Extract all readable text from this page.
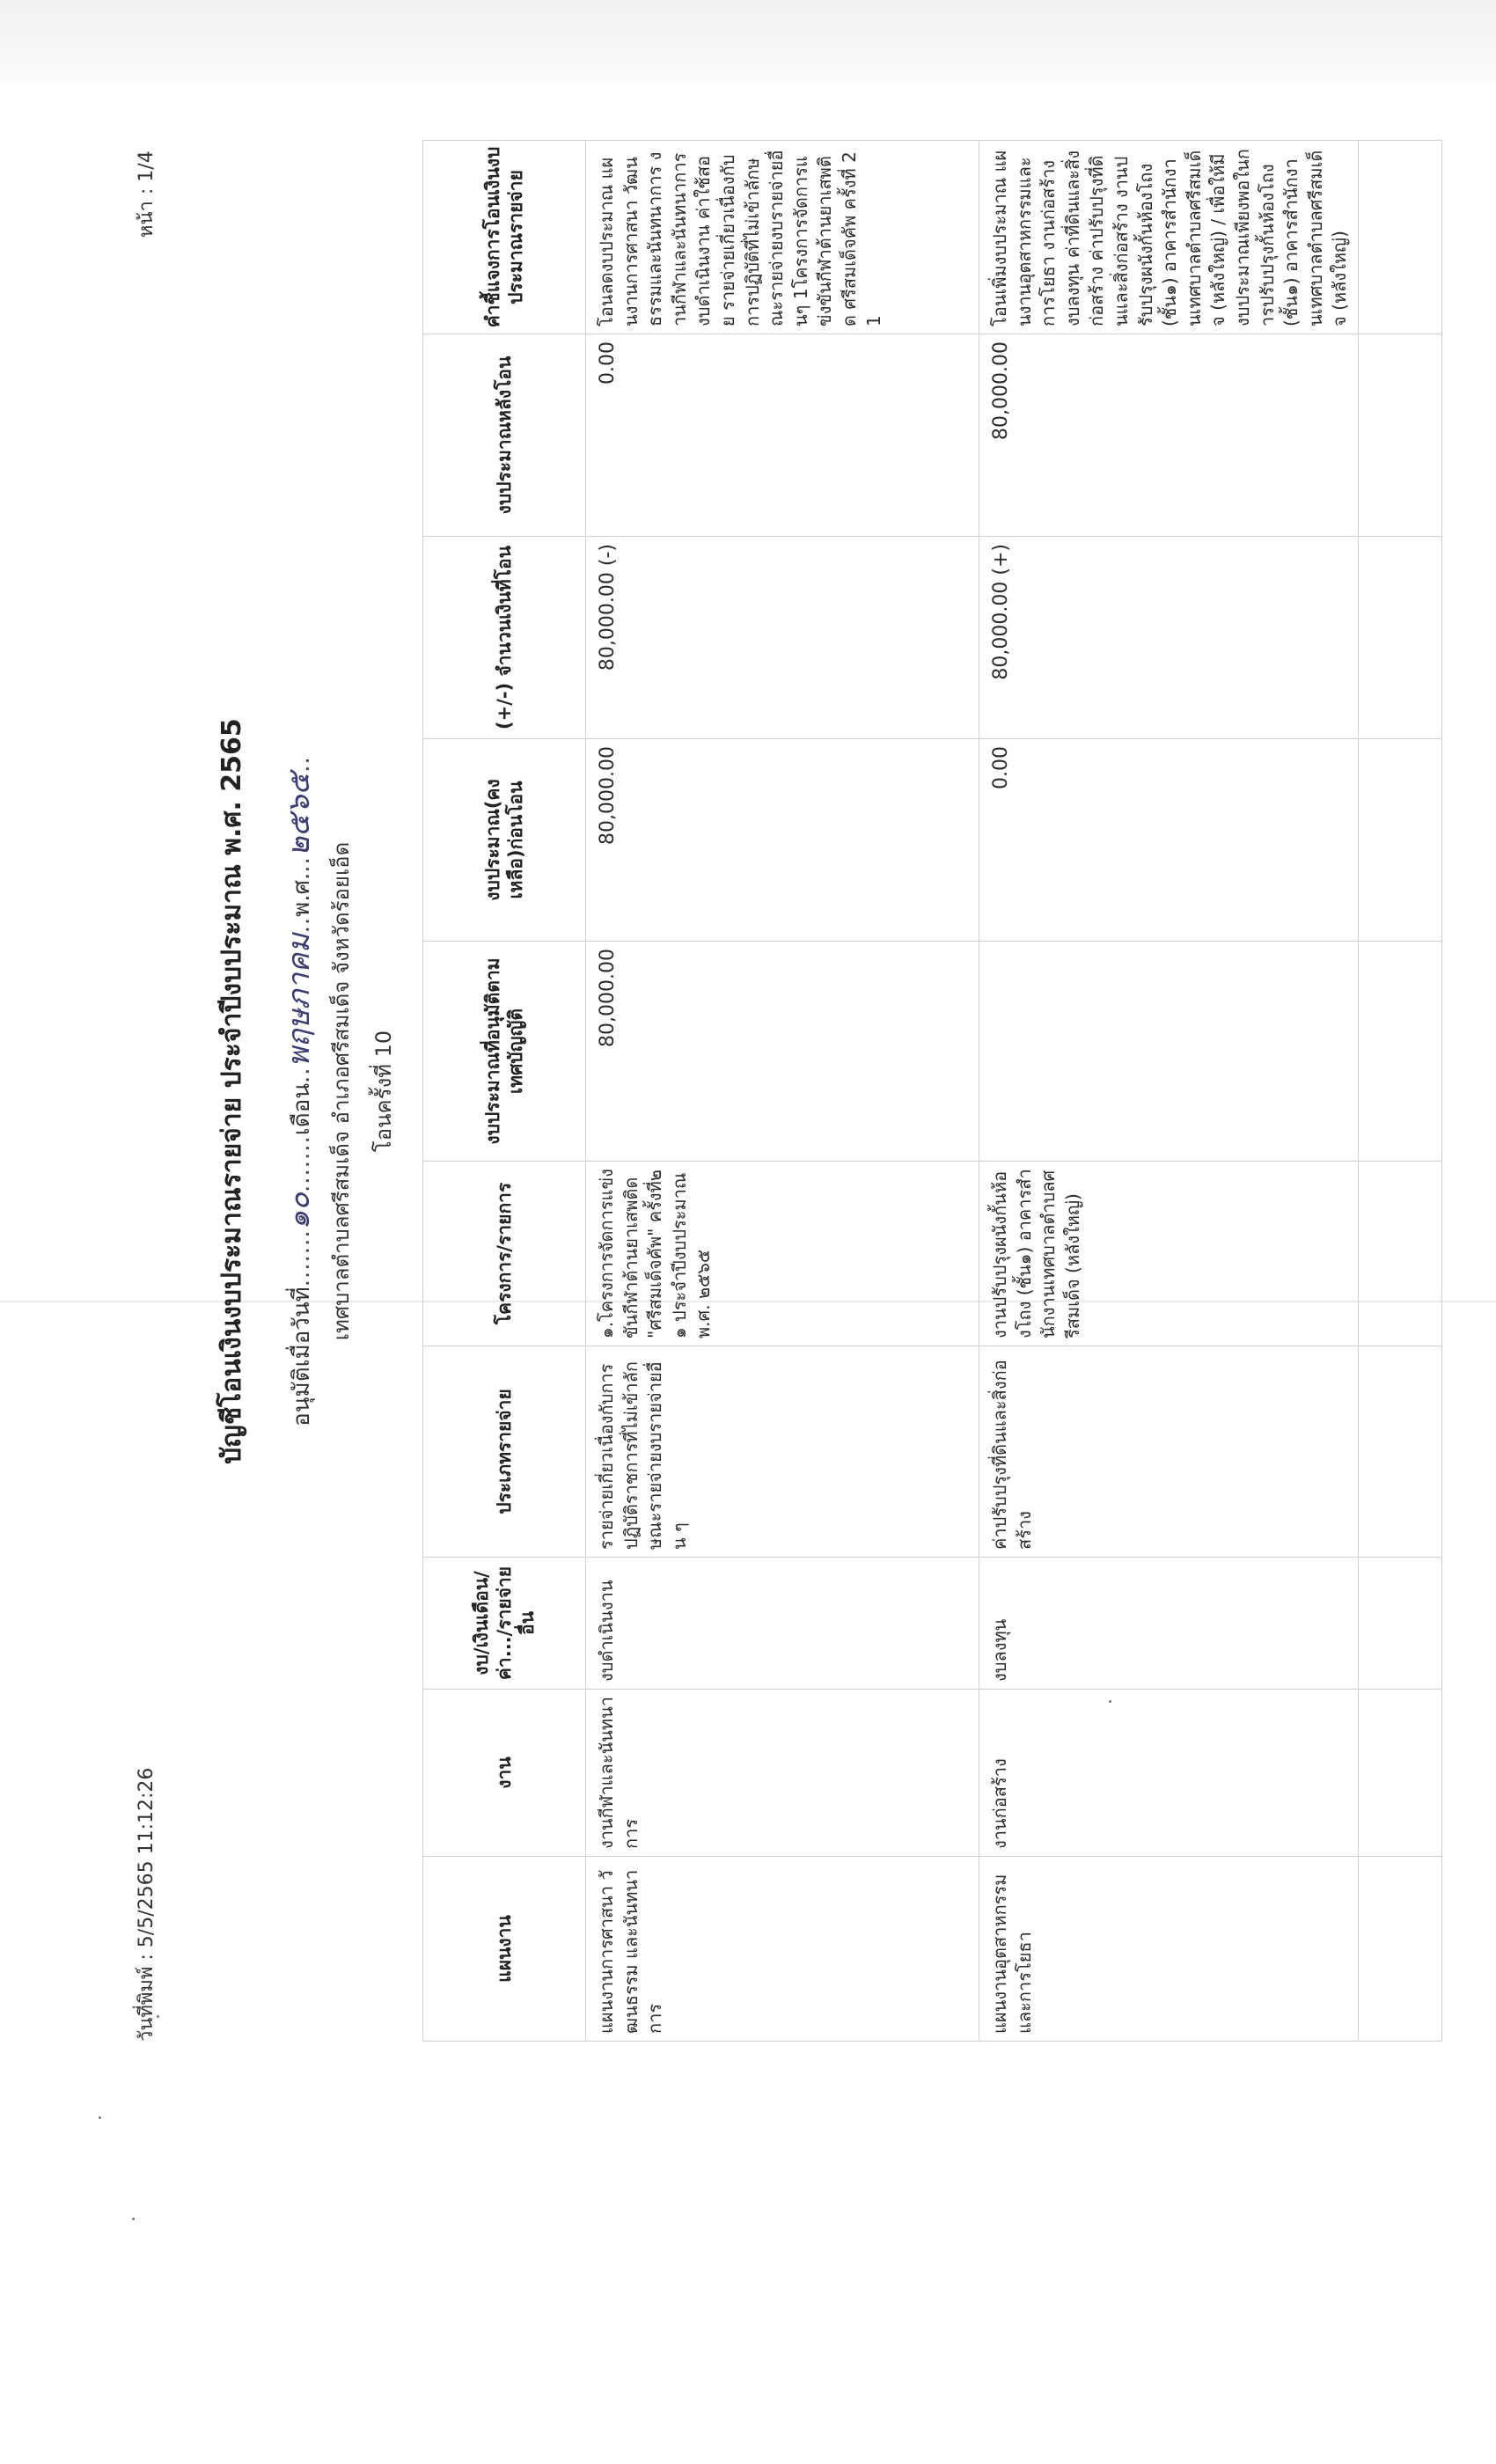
วันที่พิมพ์ : 5/5/2565 11:12:26
หน้า : 1/4
บัญชีโอนเงินงบประมาณรายจ่าย ประจำปีงบประมาณ พ.ศ. 2565	อนุมัติเมื่อวันที่.......๑๐.......เดือน..พฤษภาคม..พ.ศ...๒๕๖๕..
เทศบาลตำบลศรีสมเด็จ อำเภอศรีสมเด็จ จังหวัดร้อยเอ็ด โอนครั้งที่ 10
แผนงาน	งาน	งบ/เงินเดือน/ค่า.../รายจ่ายอื่น	ประเภทรายจ่าย	โครงการ/รายการ	งบประมาณที่อนุมัติตามเทศบัญญัติ	งบประมาณ(คงเหลือ)ก่อนโอน	(+/-) จำนวนเงินที่โอน	งบประมาณหลังโอน	คำชี้แจงการโอนเงินงบประมาณรายจ่าย
แผนงานการศาสนา วัฒนธรรม และนันทนาการ	งานกีฬาและนันทนาการ	งบดำเนินงาน	รายจ่ายเกี่ยวเนื่องกับการปฏิบัติราชการที่ไม่เข้าลักษณะรายจ่ายงบรายจ่ายอื่น ๆ	๑.โครงการจัดการแข่งขันกีฬาต้านยาเสพติด "ศรีสมเด็จคัพ" ครั้งที่๒๑ ประจำปีงบประมาณ พ.ศ. ๒๕๖๕	80,000.00	80,000.00	80,000.00 (-)	0.00	โอนลดงบประมาณ แผนงานการศาสนา วัฒนธรรมและนันทนาการ งานกีฬาและนันทนาการ งบดำเนินงาน ค่าใช้สอย รายจ่ายเกี่ยวเนื่องกับการปฏิบัติที่ไม่เข้าลักษณะรายจ่ายงบรายจ่ายอื่นๆ 1โครงการจัดการแข่งขันกีฬาต้านยาเสพติด ศรีสมเด็จคัพ ครั้งที่ 21
แผนงานอุตสาหกรรมและการโยธา	งานก่อสร้าง	งบลงทุน	ค่าปรับปรุงที่ดินและสิ่งก่อสร้าง	งานปรับปรุงผนังกั้นห้องโถง (ชั้น๑) อาคารสำนักงานเทศบาลตำบลศรีสมเด็จ (หลังใหญ่)		0.00	80,000.00 (+)	80,000.00	โอนเพิ่มงบประมาณ แผนงานอุตสาหกรรมและการโยธา งานก่อสร้าง งบลงทุน ค่าที่ดินและสิ่งก่อสร้าง ค่าปรับปรุงที่ดินและสิ่งก่อสร้าง งานปรับปรุงผนังกั้นห้องโถง (ชั้น๑) อาคารสำนักงานเทศบาลตำบลศรีสมเด็จ (หลังใหญ่) / เพื่อให้มีงบประมาณเพียงพอในการปรับปรุงกั้นห้องโถง (ชั้น๑) อาคารสำนักงานเทศบาลตำบลศรีสมเด็จ (หลังใหญ่)
